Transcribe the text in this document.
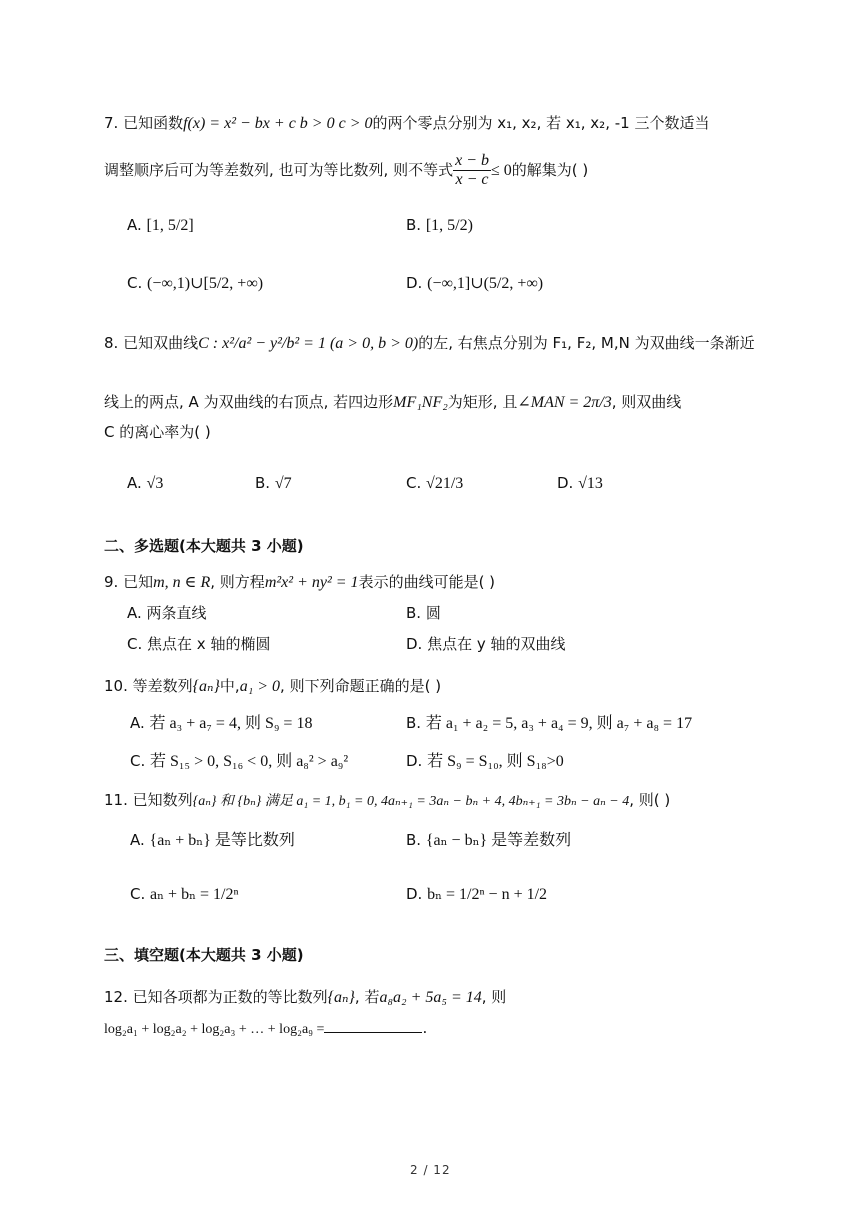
7. 已知函数f(x) = x² − bx + c b > 0 c > 0的两个零点分别为 x₁, x₂, 若 x₁, x₂, -1 三个数适当
调整顺序后可为等差数列, 也可为等比数列, 则不等式 $\frac{x - b}{x - c} \le 0$的解集为( )
A. [1, 5/2]	B. [1, 5/2)
C. (−∞,1)∪[5/2, +∞)	D. (−∞,1]∪(5/2, +∞)
8. 已知双曲线C : x²/a² − y²/b² = 1 (a > 0, b > 0)的左, 右焦点分别为 F₁, F₂, M,N 为双曲线一条渐近
线上的两点, A 为双曲线的右顶点, 若四边形MF₁NF₂为矩形, 且∠MAN = 2π/3, 则双曲线
C 的离心率为( )
A. √3	B. √7	C. √21/3	D. √13
二、多选题(本大题共 3 小题)
9. 已知m, n ∈ R, 则方程m²x² + ny² = 1表示的曲线可能是( )
A. 两条直线	B. 圆
C. 焦点在 x 轴的椭圆	D. 焦点在 y 轴的双曲线
10. 等差数列{aₙ}中,a₁ > 0, 则下列命题正确的是( )
A. 若 a₃ + a₇ = 4, 则 S₉ = 18	B. 若 a₁ + a₂ = 5, a₃ + a₄ = 9, 则 a₇ + a₈ = 17
C. 若 S₁₅ > 0, S₁₆ < 0, 则 a₈² > a₉²	D. 若 S₉ = S₁₀, 则 S₁₈>0
11. 已知数列{aₙ} 和 {bₙ} 满足 a₁ = 1, b₁ = 0, 4aₙ₊₁ = 3aₙ − bₙ + 4, 4bₙ₊₁ = 3bₙ − aₙ − 4, 则( )
A. {aₙ + bₙ} 是等比数列	B. {aₙ − bₙ} 是等差数列
C. aₙ + bₙ = 1/2ⁿ	D. bₙ = 1/2ⁿ − n + 1/2
三、填空题(本大题共 3 小题)
12. 已知各项都为正数的等比数列{aₙ}, 若a₈a₂ + 5a₅ = 14, 则
log₂a₁ + log₂a₂ + log₂a₃ + … + log₂a₉ =	.
2 / 12
